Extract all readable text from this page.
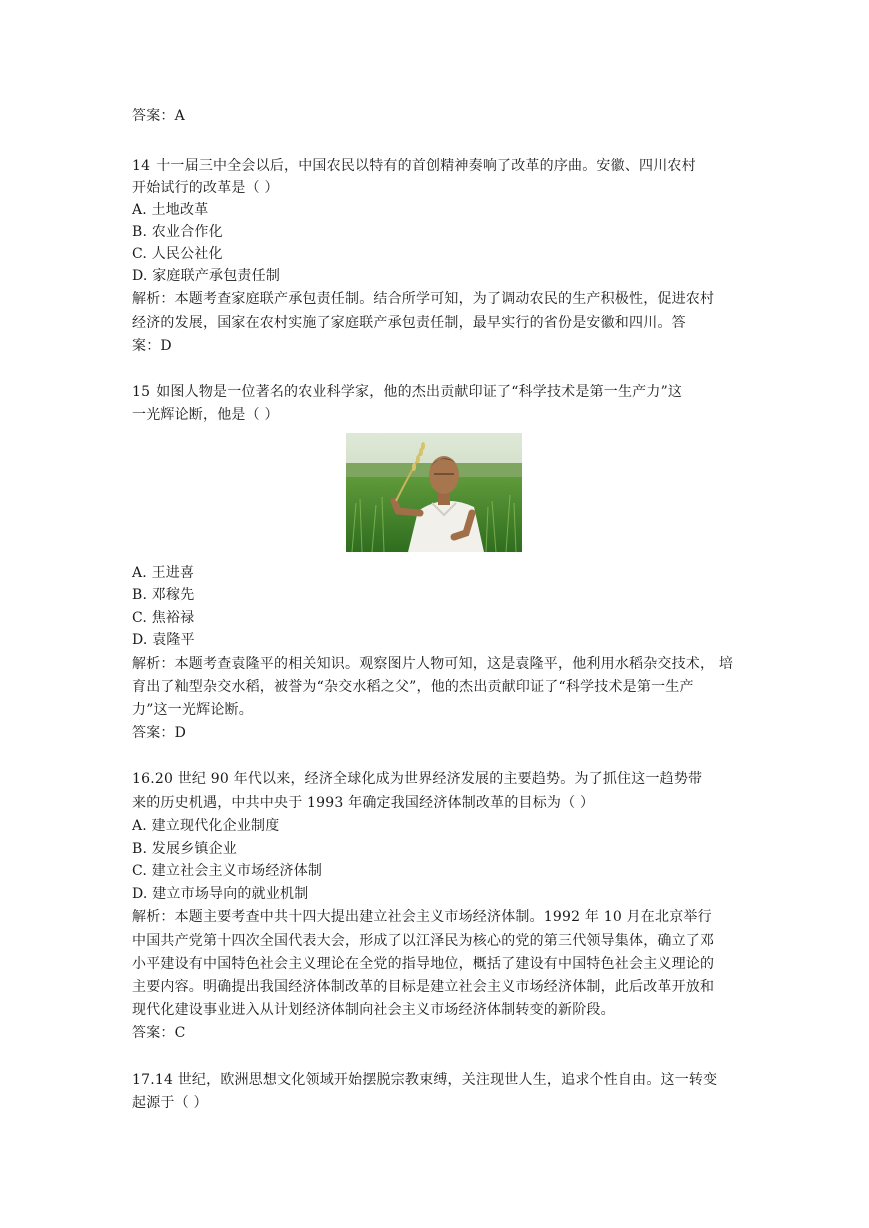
答案：A
14 十一届三中全会以后，中国农民以特有的首创精神奏响了改革的序曲。安徽、四川农村
开始试行的改革是（ ）
A. 土地改革
B. 农业合作化
C. 人民公社化
D. 家庭联产承包责任制
解析：本题考查家庭联产承包责任制。结合所学可知，为了调动农民的生产积极性，促进农村
经济的发展，国家在农村实施了家庭联产承包责任制，最早实行的省份是安徽和四川。答
案：D
15 如图人物是一位著名的农业科学家，他的杰出贡献印证了“科学技术是第一生产力”这
一光辉论断，他是（ ）
A. 王进喜
B. 邓稼先
C. 焦裕禄
D. 袁隆平
解析：本题考查袁隆平的相关知识。观察图片人物可知，这是袁隆平，他利用水稻杂交技术， 培
育出了籼型杂交水稻，被誉为“杂交水稻之父”，他的杰出贡献印证了“科学技术是第一生产
力”这一光辉论断。
答案：D
16.20 世纪 90 年代以来，经济全球化成为世界经济发展的主要趋势。为了抓住这一趋势带
来的历史机遇，中共中央于 1993 年确定我国经济体制改革的目标为（ ）
A. 建立现代化企业制度
B. 发展乡镇企业
C. 建立社会主义市场经济体制
D. 建立市场导向的就业机制
解析：本题主要考查中共十四大提出建立社会主义市场经济体制。1992 年 10 月在北京举行
中国共产党第十四次全国代表大会，形成了以江泽民为核心的党的第三代领导集体，确立了邓
小平建设有中国特色社会主义理论在全党的指导地位，概括了建设有中国特色社会主义理论的
主要内容。明确提出我国经济体制改革的目标是建立社会主义市场经济体制，此后改革开放和
现代化建设事业进入从计划经济体制向社会主义市场经济体制转变的新阶段。
答案：C
17.14 世纪，欧洲思想文化领域开始摆脱宗教束缚，关注现世人生，追求个性自由。这一转变
起源于（ ）
